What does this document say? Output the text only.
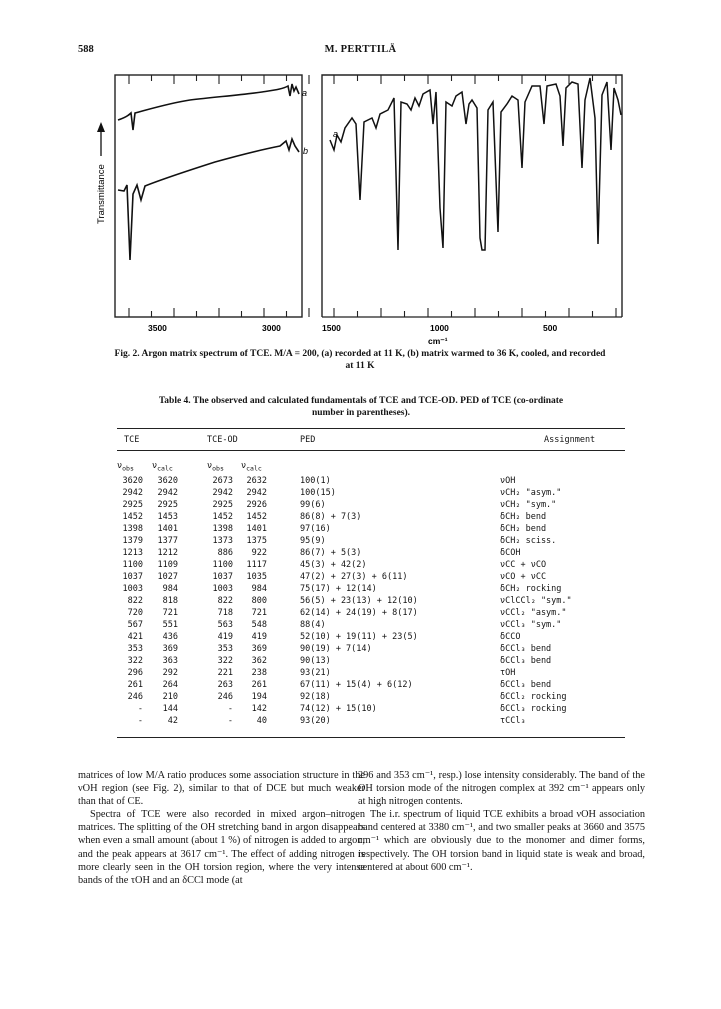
588	M. PERTTILÄ
a
b
a
Transmittance
3500	3000	1500	1000	500
cm⁻¹
Fig. 2. Argon matrix spectrum of TCE. M/A = 200, (a) recorded at 11 K, (b) matrix warmed to 36 K, cooled, and recorded at 11 K
Table 4. The observed and calculated fundamentals of TCE and TCE-OD. PED of TCE (co-ordinate number in parentheses).
TCE	TCE-OD	PED	Assignment
$\nu_{obs}$ $\nu_{calc}$	$\nu_{obs}$ $\nu_{calc}$
3620	3620	2673	2632	100(1)	νOH
2942	2942	2942	2942	100(15)	νCH₂ "asym."
2925	2925	2925	2926	99(6)	νCH₂ "sym."
1452	1453	1452	1452	86(8) + 7(3)	δCH₂ bend
1398	1401	1398	1401	97(16)	δCH₂ bend
1379	1377	1373	1375	95(9)	δCH₂ sciss.
1213	1212	886	922	86(7) + 5(3)	δCOH
1100	1109	1100	1117	45(3) + 42(2)	νCC + νCO
1037	1027	1037	1035	47(2) + 27(3) + 6(11)	νCO + νCC
1003	984	1003	984	75(17) + 12(14)	δCH₂ rocking
822	818	822	800	56(5) + 23(13) + 12(10)	νClCCl₂ "sym."
720	721	718	721	62(14) + 24(19) + 8(17)	νCCl₂ "asym."
567	551	563	548	88(4)	νCCl₃ "sym."
421	436	419	419	52(10) + 19(11) + 23(5)	δCCO
353	369	353	369	90(19) + 7(14)	δCCl₃ bend
322	363	322	362	90(13)	δCCl₃ bend
296	292	221	238	93(21)	τOH
261	264	263	261	67(11) + 15(4) + 6(12)	δCCl₃ bend
246	210	246	194	92(18)	δCCl₂ rocking
-	144	-	142	74(12) + 15(10)	δCCl₃ rocking
-	42	-	40	93(20)	τCCl₃

matrices of low M/A ratio produces some association structure in the νOH region (see Fig. 2), similar to that of DCE but much weaker than that of CE.

Spectra of TCE were also recorded in mixed argon–nitrogen matrices. The splitting of the OH stretching band in argon disappears when even a small amount (about 1 %) of nitrogen is added to argon, and the peak appears at 3617 cm⁻¹. The effect of adding nitrogen is more clearly seen in the OH torsion region, where the very intense bands of the τOH and an δCCl mode (at

296 and 353 cm⁻¹, resp.) lose intensity considerably. The band of the OH torsion mode of the nitrogen complex at 392 cm⁻¹ appears only at high nitrogen contents.

The i.r. spectrum of liquid TCE exhibits a broad νOH association band centered at 3380 cm⁻¹, and two smaller peaks at 3660 and 3575 cm⁻¹ which are obviously due to the monomer and dimer forms, respectively. The OH torsion band in liquid state is weak and broad, centered at about 600 cm⁻¹.
